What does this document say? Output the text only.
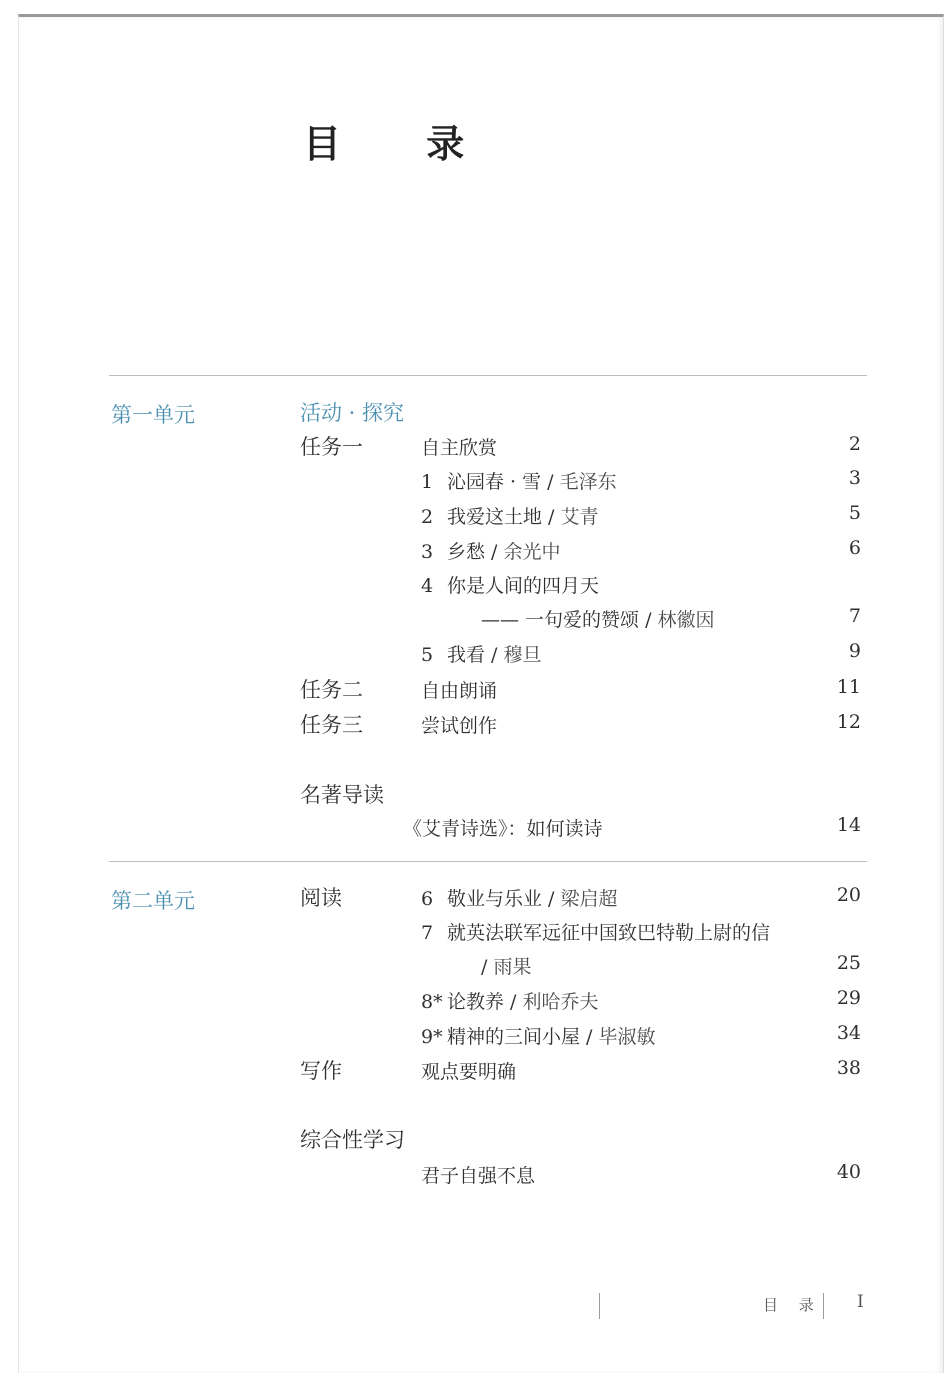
目 录
第一单元	活动 · 探究
任务一	自主欣赏	2
1 沁园春 · 雪 / 毛泽东	3
2 我爱这土地 / 艾青	5
3 乡愁 / 余光中	6
4 你是人间的四月天
—— 一句爱的赞颂 / 林徽因	7
5 我看 / 穆旦	9
任务二	自由朗诵	11
任务三	尝试创作	12
名著导读
《艾青诗选》：如何读诗	14
第二单元	阅读	6 敬业与乐业 / 梁启超	20
7 就英法联军远征中国致巴特勒上尉的信
/ 雨果	25
8* 论教养 / 利哈乔夫	29
9* 精神的三间小屋 / 毕淑敏	34
写作	观点要明确	38
综合性学习
君子自强不息	40
目 录 I
